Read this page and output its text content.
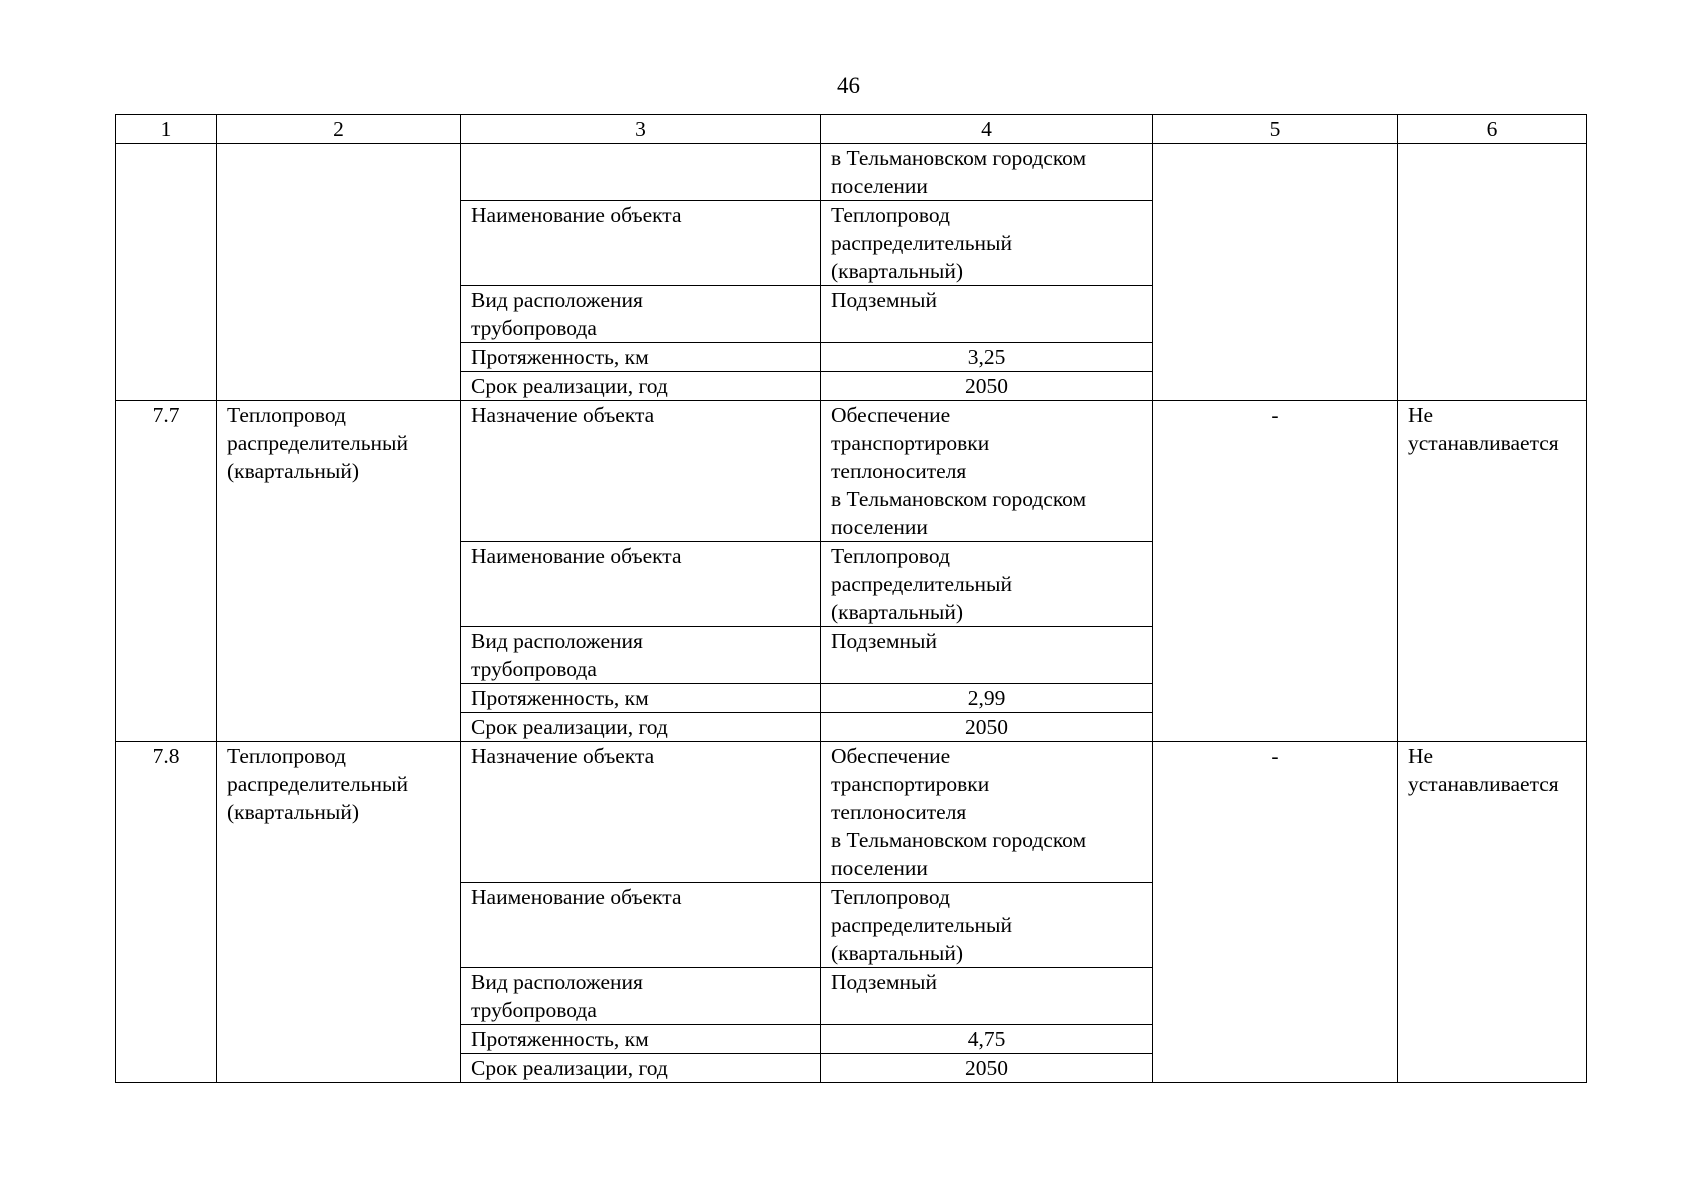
46
1	2	3	4	5	6
			в Тельмановском городском
поселении		
		Наименование объекта	Теплопровод
распределительный
(квартальный)		
		Вид расположения
трубопровода	Подземный		
		Протяженность, км	3,25		
		Срок реализации, год	2050		
7.7	Теплопровод
распределительный
(квартальный)	Назначение объекта	Обеспечение
транспортировки
теплоносителя
в Тельмановском городском
поселении	-	Не
устанавливается
		Наименование объекта	Теплопровод
распределительный
(квартальный)		
		Вид расположения
трубопровода	Подземный		
		Протяженность, км	2,99		
		Срок реализации, год	2050		
7.8	Теплопровод
распределительный
(квартальный)	Назначение объекта	Обеспечение
транспортировки
теплоносителя
в Тельмановском городском
поселении	-	Не
устанавливается
		Наименование объекта	Теплопровод
распределительный
(квартальный)		
		Вид расположения
трубопровода	Подземный		
		Протяженность, км	4,75		
		Срок реализации, год	2050		
